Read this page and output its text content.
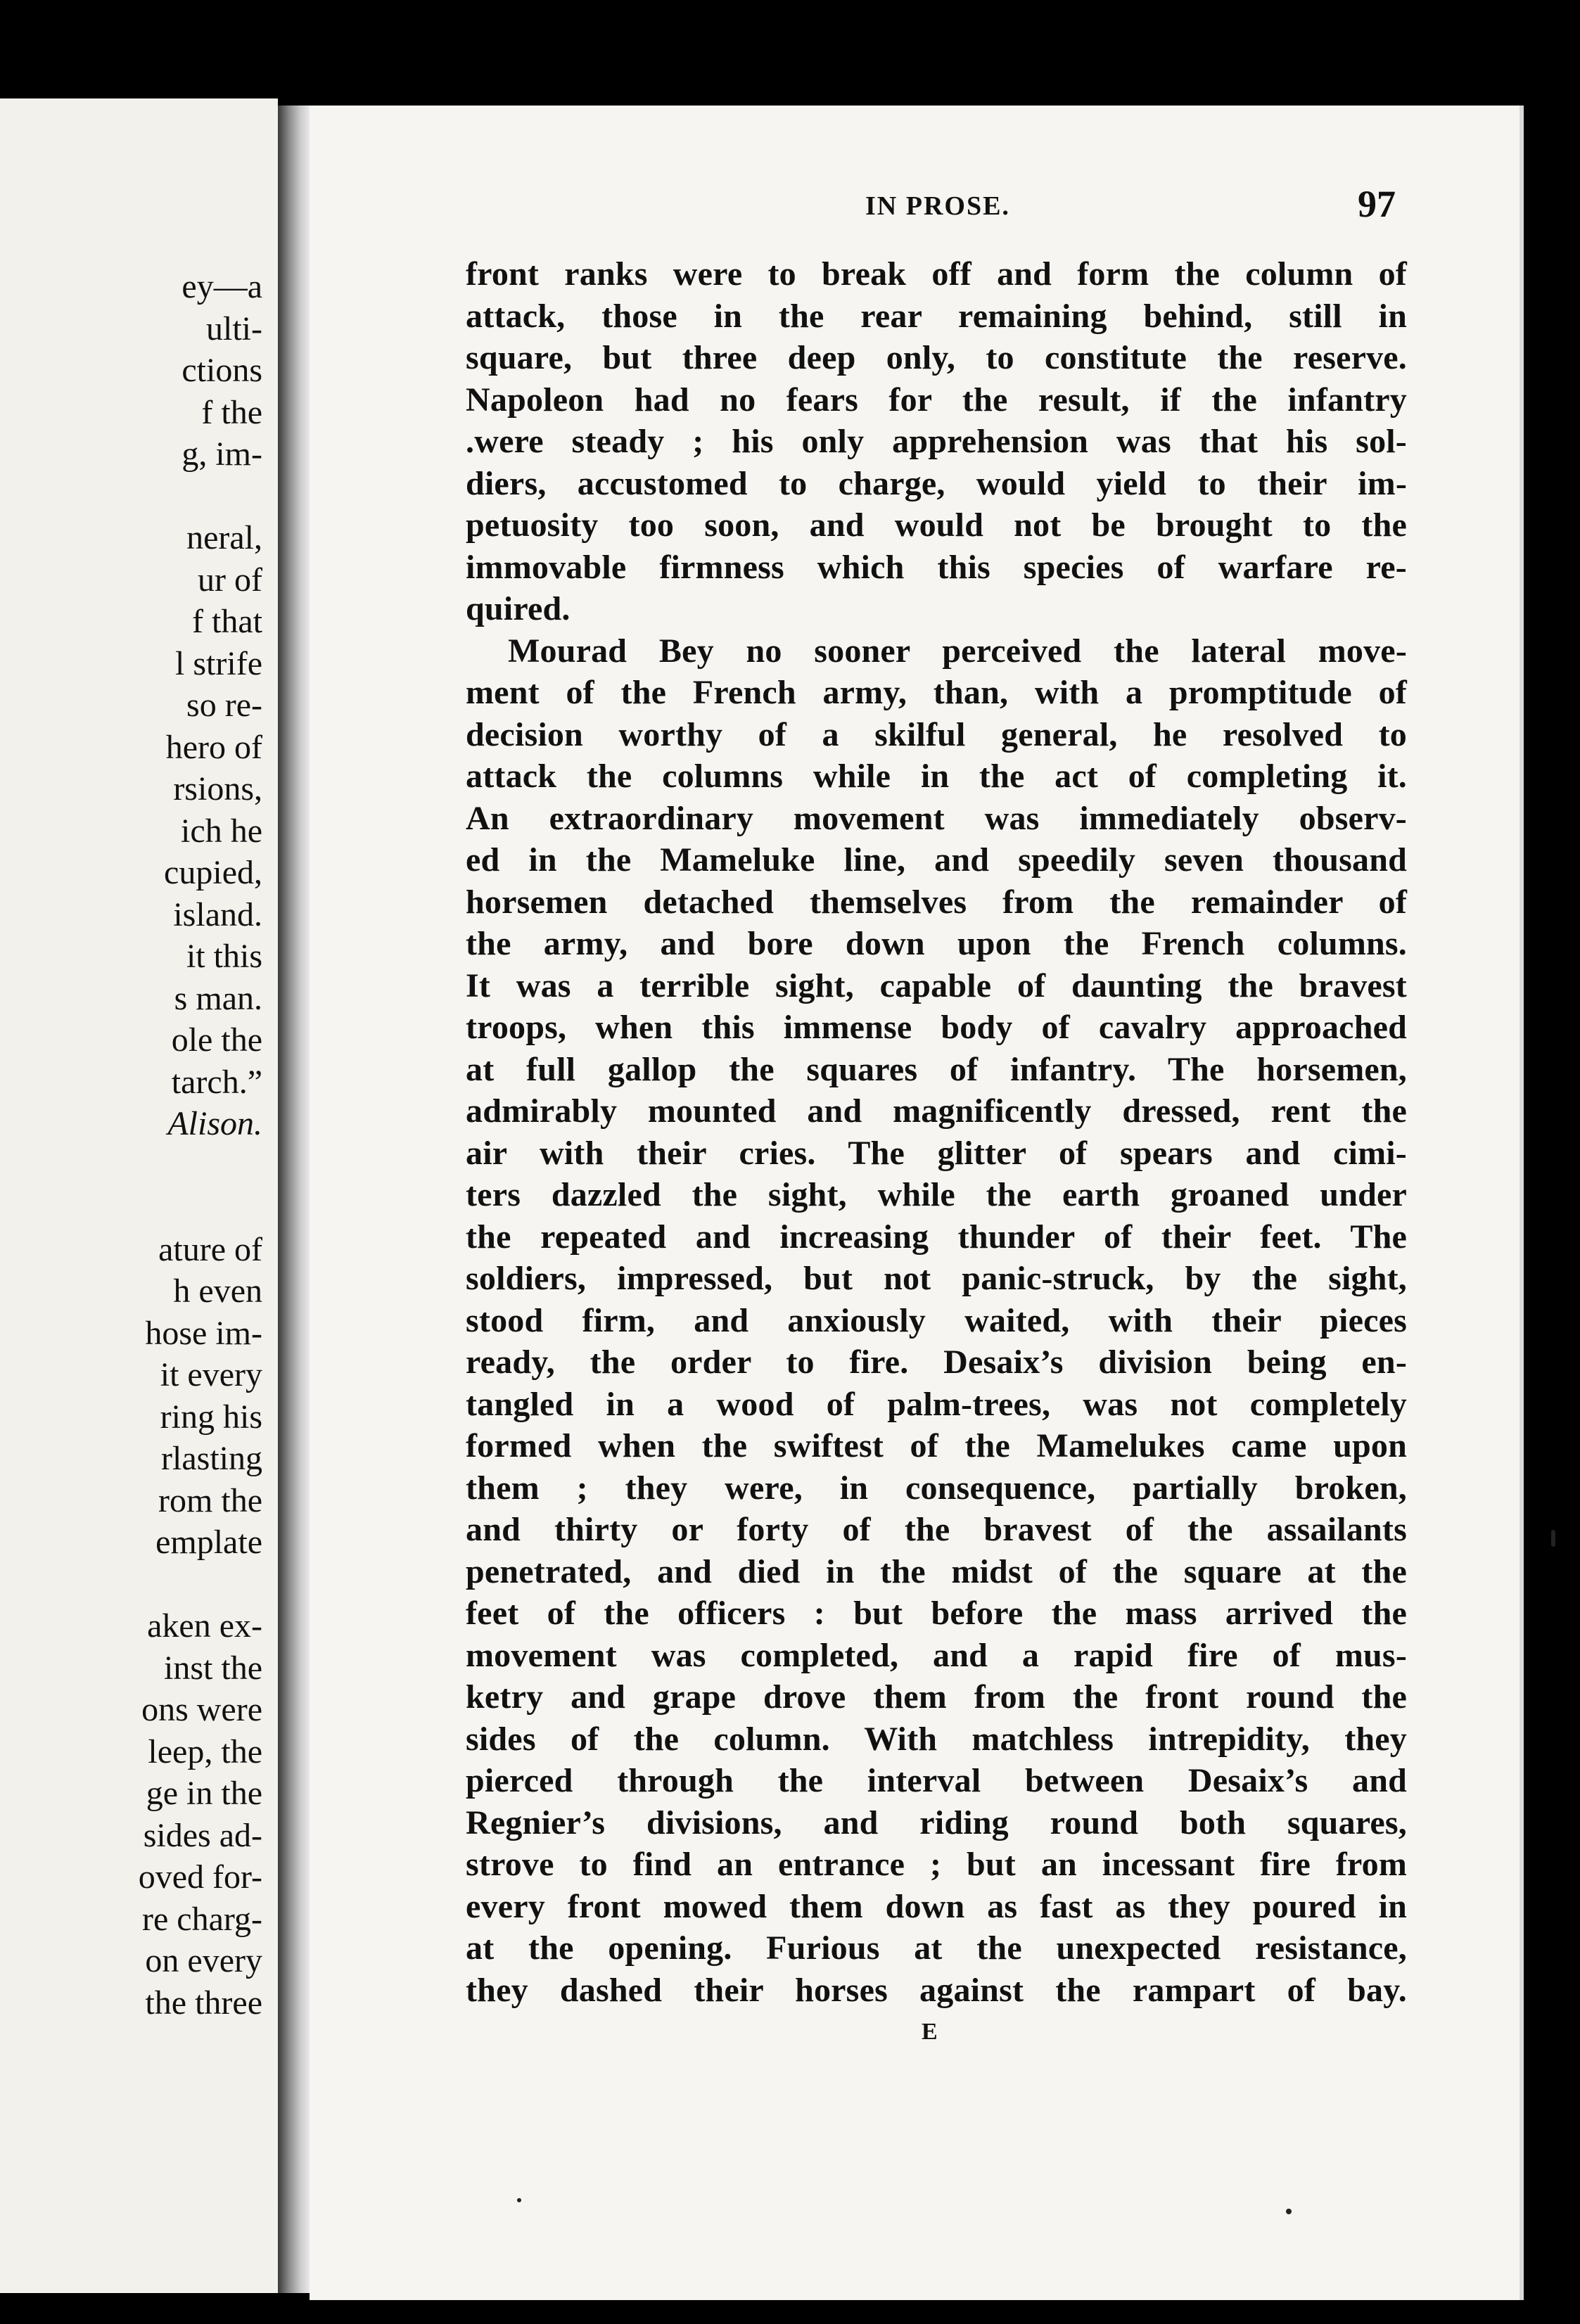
ey—a
ulti-
ctions
f the
g, im-
neral,
ur of
f that
l strife
so re-
hero of
rsions,
ich he
cupied,
island.
it this
s man.
ole the
tarch.”
Alison.
ature of
h even
hose im-
it every
ring his
rlasting
rom the
emplate
aken ex-
inst the
ons were
leep, the
ge in the
sides ad-
oved for-
re charg-
on every
the three
IN PROSE.	97
front ranks were to break off and form the column of
attack, those in the rear remaining behind, still in
square, but three deep only, to constitute the reserve.
Napoleon had no fears for the result, if the infantry
.were steady ; his only apprehension was that his sol-
diers, accustomed to charge, would yield to their im-
petuosity too soon, and would not be brought to the
immovable firmness which this species of warfare re-
quired.
Mourad Bey no sooner perceived the lateral move-
ment of the French army, than, with a promptitude of
decision worthy of a skilful general, he resolved to
attack the columns while in the act of completing it.
An extraordinary movement was immediately observ-
ed in the Mameluke line, and speedily seven thousand
horsemen detached themselves from the remainder of
the army, and bore down upon the French columns.
It was a terrible sight, capable of daunting the bravest
troops, when this immense body of cavalry approached
at full gallop the squares of infantry. The horsemen,
admirably mounted and magnificently dressed, rent the
air with their cries. The glitter of spears and cimi-
ters dazzled the sight, while the earth groaned under
the repeated and increasing thunder of their feet. The
soldiers, impressed, but not panic-struck, by the sight,
stood firm, and anxiously waited, with their pieces
ready, the order to fire. Desaix’s division being en-
tangled in a wood of palm-trees, was not completely
formed when the swiftest of the Mamelukes came upon
them ; they were, in consequence, partially broken,
and thirty or forty of the bravest of the assailants
penetrated, and died in the midst of the square at the
feet of the officers : but before the mass arrived the
movement was completed, and a rapid fire of mus-
ketry and grape drove them from the front round the
sides of the column. With matchless intrepidity, they
pierced through the interval between Desaix’s and
Regnier’s divisions, and riding round both squares,
strove to find an entrance ; but an incessant fire from
every front mowed them down as fast as they poured in
at the opening. Furious at the unexpected resistance,
they dashed their horses against the rampart of bay.
E
